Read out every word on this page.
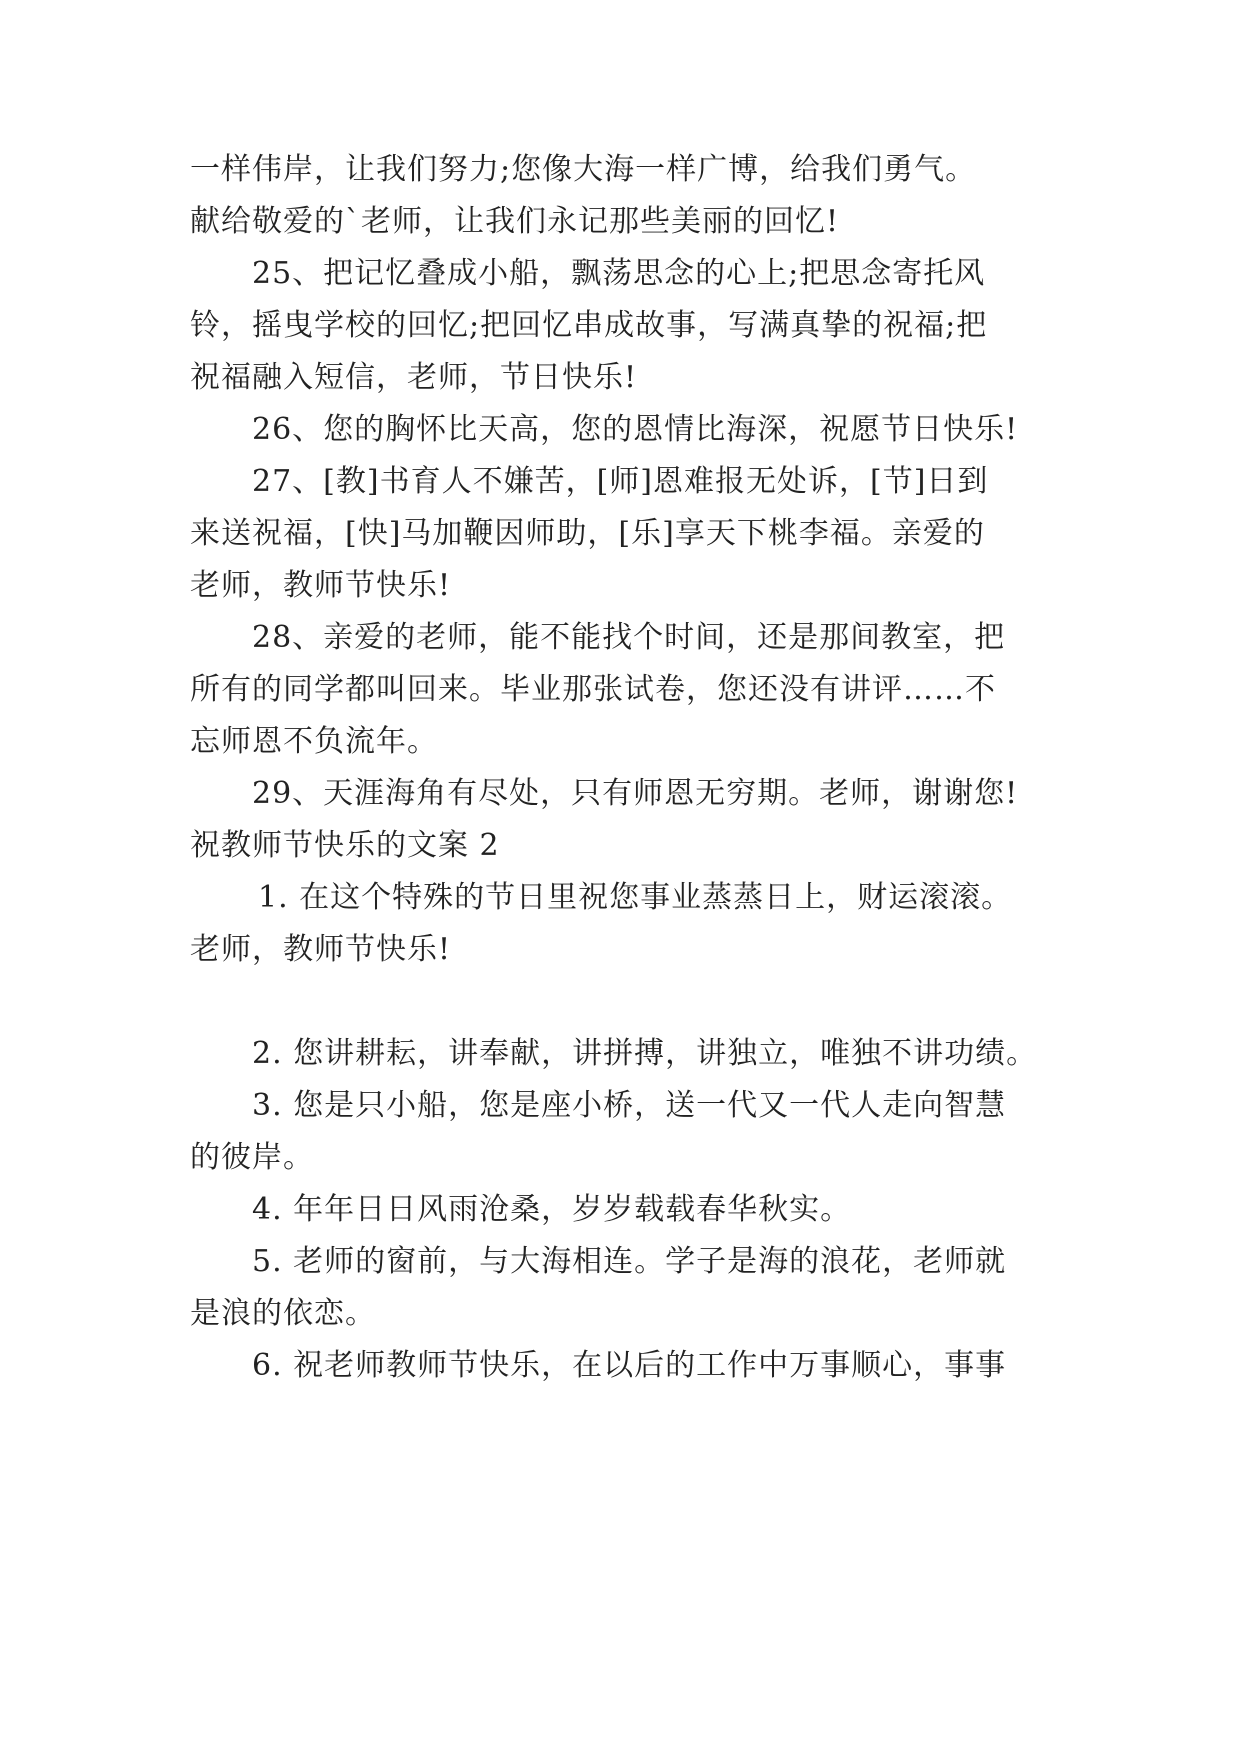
一样伟岸，让我们努力;您像大海一样广博，给我们勇气。
献给敬爱的`老师，让我们永记那些美丽的回忆!
25、把记忆叠成小船，飘荡思念的心上;把思念寄托风
铃，摇曳学校的回忆;把回忆串成故事，写满真挚的祝福;把
祝福融入短信，老师，节日快乐!
26、您的胸怀比天高，您的恩情比海深，祝愿节日快乐!
27、[教]书育人不嫌苦，[师]恩难报无处诉，[节]日到
来送祝福，[快]马加鞭因师助，[乐]享天下桃李福。亲爱的
老师，教师节快乐!
28、亲爱的老师，能不能找个时间，还是那间教室，把
所有的同学都叫回来。毕业那张试卷，您还没有讲评……不
忘师恩不负流年。
29、天涯海角有尽处，只有师恩无穷期。老师，谢谢您!
祝教师节快乐的文案 2
1. 在这个特殊的节日里祝您事业蒸蒸日上，财运滚滚。
老师，教师节快乐!
2. 您讲耕耘，讲奉献，讲拼搏，讲独立，唯独不讲功绩。
3. 您是只小船，您是座小桥，送一代又一代人走向智慧
的彼岸。
4. 年年日日风雨沧桑，岁岁载载春华秋实。
5. 老师的窗前，与大海相连。学子是海的浪花，老师就
是浪的依恋。
6. 祝老师教师节快乐，在以后的工作中万事顺心，事事
